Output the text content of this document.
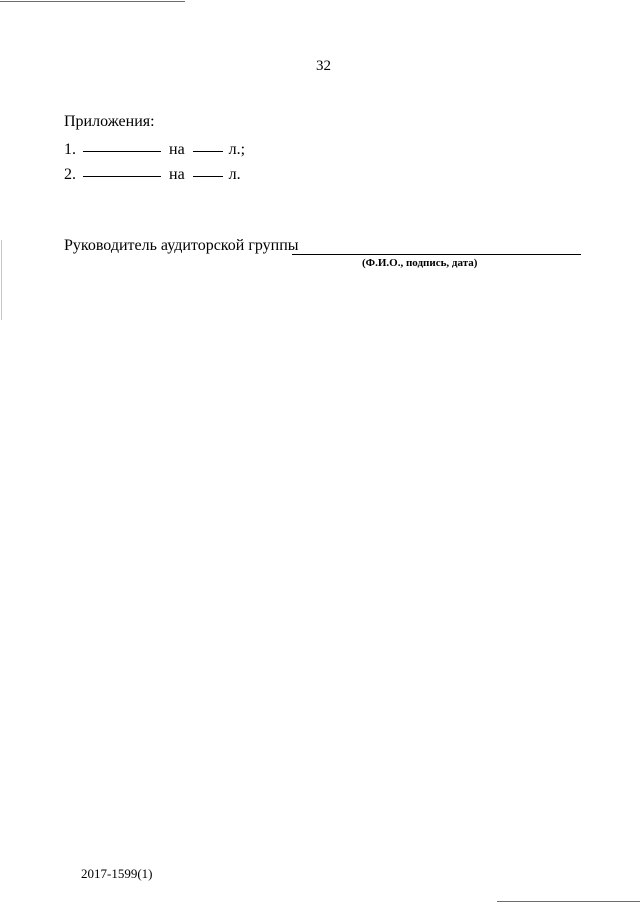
32
Приложения:
1.	на	л.;
2.	на	л.
Руководитель аудиторской группы
(Ф.И.О., подпись, дата)
2017-1599(1)
